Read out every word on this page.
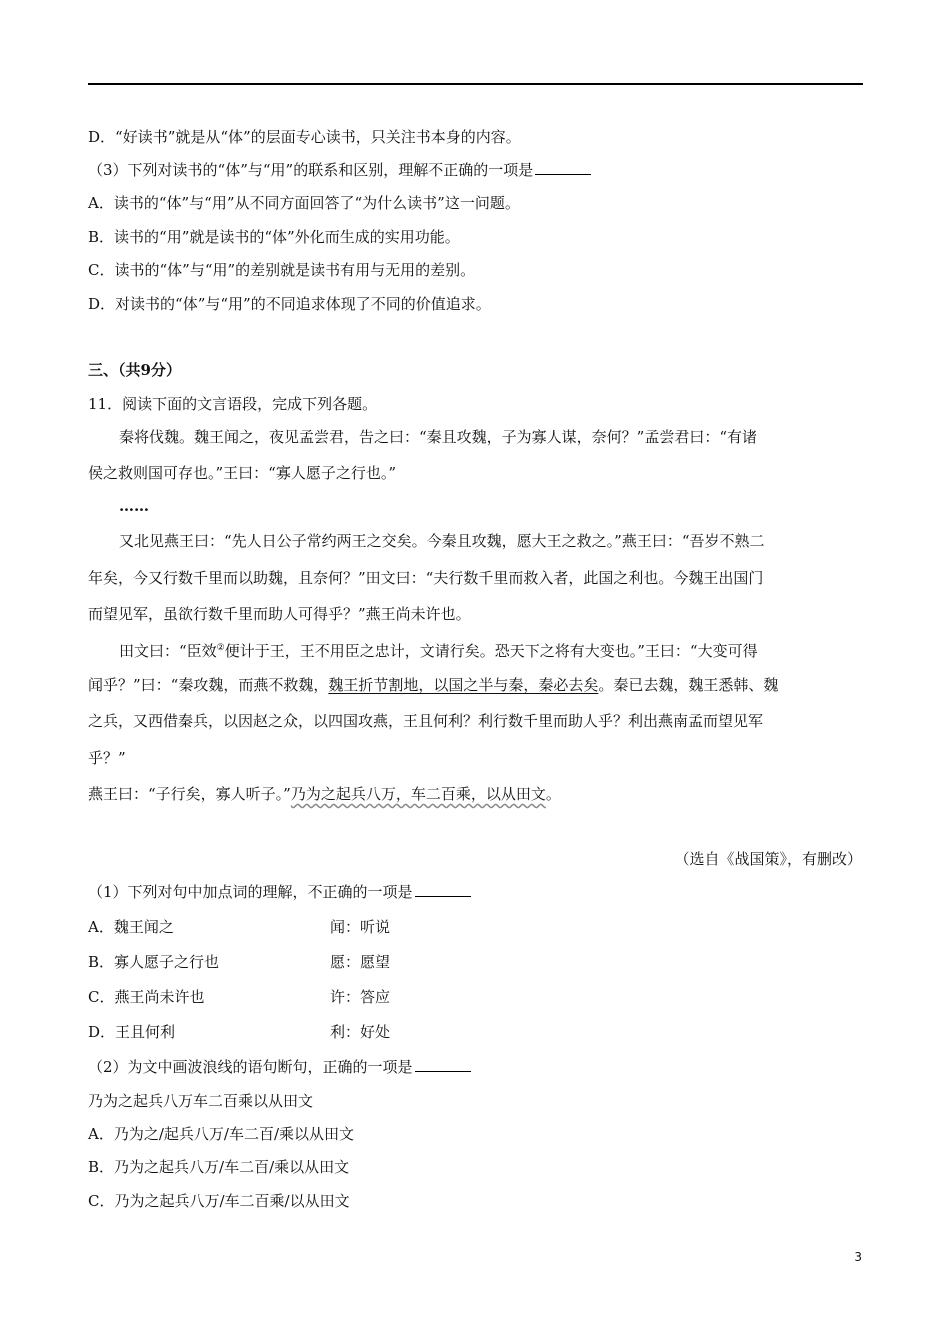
D．“好读书”就是从“体”的层面专心读书，只关注书本身的内容。
（3）下列对读书的“体”与“用”的联系和区别，理解不正确的一项是
A．读书的“体”与“用”从不同方面回答了“为什么读书”这一问题。
B．读书的“用”就是读书的“体”外化而生成的实用功能。
C．读书的“体”与“用”的差别就是读书有用与无用的差别。
D．对读书的“体”与“用”的不同追求体现了不同的价值追求。
三、（共9分）
11．阅读下面的文言语段，完成下列各题。
秦将伐魏。魏王闻之，夜见孟尝君，告之曰：“秦且攻魏，子为寡人谋，奈何？”孟尝君曰：“有诸
侯之救则国可存也。”王曰：“寡人愿子之行也。”
……
又北见燕王曰：“先人日公子常约两王之交矣。今秦且攻魏，愿大王之救之。”燕王曰：“吾岁不熟二
年矣，今又行数千里而以助魏，且奈何？”田文曰：“夫行数千里而救入者，此国之利也。今魏王出国门
而望见军，虽欲行数千里而助人可得乎？”燕王尚未许也。
田文曰：“臣效②便计于王，王不用臣之忠计，文请行矣。恐天下之将有大变也。”王曰：“大变可得
闻乎？”曰：“秦攻魏，而燕不救魏，魏王折节割地，以国之半与秦，秦必去矣。秦已去魏，魏王悉韩、魏
之兵，又西借秦兵，以因赵之众，以四国攻燕，王且何利？利行数千里而助人乎？利出燕南孟而望见军
乎？”
燕王曰：“子行矣，寡人听子。”乃为之起兵八万，车二百乘，以从田文。
（选自《战国策》，有删改）
（1）下列对句中加点词的理解，不正确的一项是
A．魏王闻之	闻：听说
B．寡人愿子之行也	愿：愿望
C．燕王尚未许也	许：答应
D．王且何利	利：好处
（2）为文中画波浪线的语句断句，正确的一项是
乃为之起兵八万车二百乘以从田文
A．乃为之/起兵八万/车二百/乘以从田文
B．乃为之起兵八万/车二百/乘以从田文
C．乃为之起兵八万/车二百乘/以从田文
3
